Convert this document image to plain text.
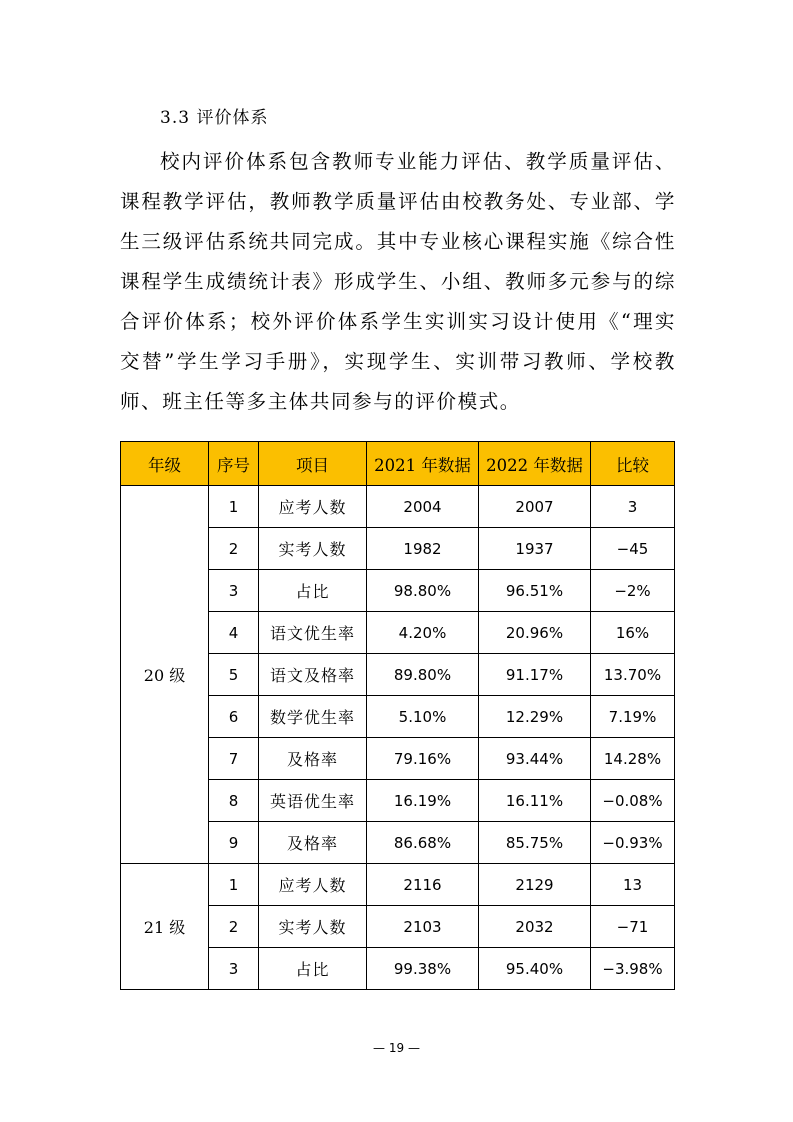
3.3 评价体系

校内评价体系包含教师专业能力评估、教学质量评估、课程教学评估，教师教学质量评估由校教务处、专业部、学生三级评估系统共同完成。其中专业核心课程实施《综合性课程学生成绩统计表》形成学生、小组、教师多元参与的综合评价体系；校外评价体系学生实训实习设计使用《“理实交替”学生学习手册》，实现学生、实训带习教师、学校教师、班主任等多主体共同参与的评价模式。

年级	序号	项目	2021 年数据	2022 年数据	比较
20 级	1	应考人数	2004	2007	3
	2	实考人数	1982	1937	−45
	3	占比	98.80%	96.51%	−2%
	4	语文优生率	4.20%	20.96%	16%
	5	语文及格率	89.80%	91.17%	13.70%
	6	数学优生率	5.10%	12.29%	7.19%
	7	及格率	79.16%	93.44%	14.28%
	8	英语优生率	16.19%	16.11%	−0.08%
	9	及格率	86.68%	85.75%	−0.93%
21 级	1	应考人数	2116	2129	13
	2	实考人数	2103	2032	−71
	3	占比	99.38%	95.40%	−3.98%
— 19 —
